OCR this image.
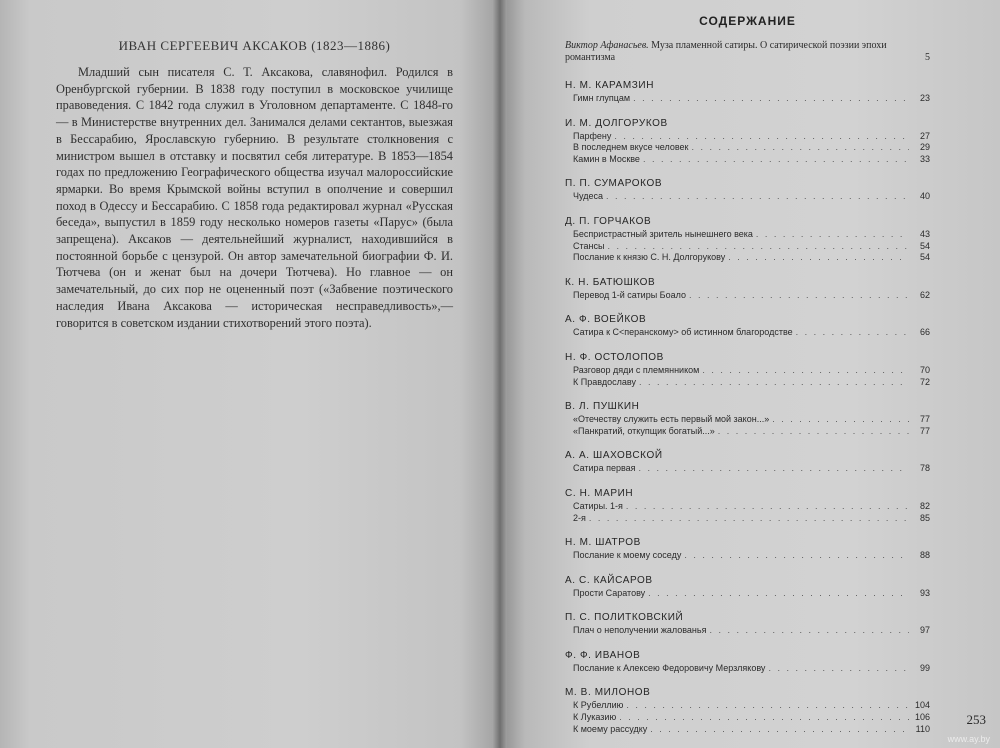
ИВАН СЕРГЕЕВИЧ АКСАКОВ (1823—1886)

Младший сын писателя С. Т. Аксакова, славянофил. Родился в Оренбургской губернии. В 1838 году поступил в московское училище правоведения. С 1842 года служил в Уголовном департаменте. С 1848-го — в Министерстве внутренних дел. Занимался делами сектантов, выезжая в Бессарабию, Ярославскую губернию. В результате столкновения с министром вышел в отставку и посвятил себя литературе. В 1853—1854 годах по предложению Географического общества изучал малороссийские ярмарки. Во время Крымской войны вступил в ополчение и совершил поход в Одессу и Бессарабию. С 1858 года редактировал журнал «Русская беседа», выпустил в 1859 году несколько номеров газеты «Парус» (была запрещена). Аксаков — деятельнейший журналист, находившийся в постоянной борьбе с цензурой. Он автор замечательной биографии Ф. И. Тютчева (он и женат был на дочери Тютчева). Но главное — он замечательный, до сих пор не оцененный поэт («Забвение поэтического наследия Ивана Аксакова — историческая несправедливость»,— говорится в советском издании стихотворений этого поэта).

СОДЕРЖАНИЕ

Виктор Афанасьев. Муза пламенной сатиры. О сатирической поэзии эпохи романтизма	5
Н. М. КАРАМЗИН
Гимн глупцам . . .	23
И. М. ДОЛГОРУКОВ
Парфену . . .	27
В последнем вкусе человек . . .	29
Камин в Москве . . .	33
П. П. СУМАРОКОВ
Чудеса . . .	40
Д. П. ГОРЧАКОВ
Беспристрастный зритель нынешнего века . . .	43
Стансы . . .	54
Послание к князю С. Н. Долгорукову . . .	54
К. Н. БАТЮШКОВ
Перевод 1-й сатиры Боало . . .	62
А. Ф. ВОЕЙКОВ
Сатира к С<перанскому> об истинном благородстве . . .	66
Н. Ф. ОСТОЛОПОВ
Разговор дяди с племянником . . .	70
К Правдославу . . .	72
В. Л. ПУШКИН
«Отечеству служить есть первый мой закон...» . . .	77
«Панкратий, откупщик богатый...» . . .	77
А. А. ШАХОВСКОЙ
Сатира первая . . .	78
С. Н. МАРИН
Сатиры. 1-я . . .	82
2-я . . .	85
Н. М. ШАТРОВ
Послание к моему соседу . . .	88
А. С. КАЙСАРОВ
Прости Саратову . . .	93
П. С. ПОЛИТКОВСКИЙ
Плач о неполучении жалованья . . .	97
Ф. Ф. ИВАНОВ
Послание к Алексею Федоровичу Мерзлякову . . .	99
М. В. МИЛОНОВ
К Рубеллию . . .	104
К Луказию . . .	106
К моему рассудку . . .	110
253
www.ay.by
